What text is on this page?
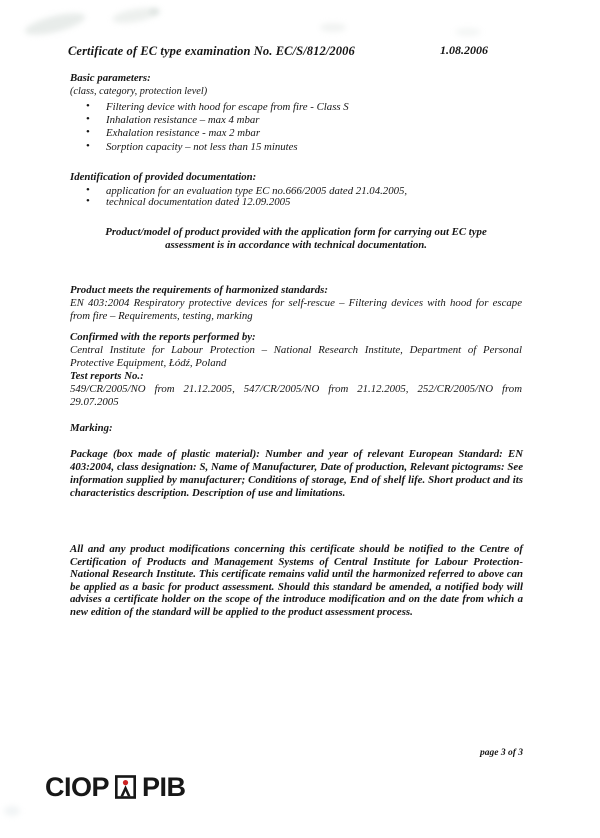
Certificate of EC type examination No. EC/S/812/2006	1.08.2006
Basic parameters:
(class, category, protection level)
• Filtering device with hood for escape from fire - Class S
• Inhalation resistance – max 4 mbar
• Exhalation resistance - max 2 mbar
• Sorption capacity – not less than 15 minutes
Identification of provided documentation:
• application for an evaluation type EC no.666/2005 dated 21.04.2005,
• technical documentation dated 12.09.2005
Product/model of product provided with the application form for carrying out EC type assessment is in accordance with technical documentation.
Product meets the requirements of harmonized standards:
EN 403:2004 Respiratory protective devices for self-rescue – Filtering devices with hood for escape from fire – Requirements, testing, marking
Confirmed with the reports performed by:
Central Institute for Labour Protection – National Research Institute, Department of Personal Protective Equipment, Łódź, Poland
Test reports No.:
549/CR/2005/NO from 21.12.2005, 547/CR/2005/NO from 21.12.2005, 252/CR/2005/NO from 29.07.2005
Marking:
Package (box made of plastic material): Number and year of relevant European Standard: EN 403:2004, class designation: S, Name of Manufacturer, Date of production, Relevant pictograms: See information supplied by manufacturer; Conditions of storage, End of shelf life. Short product and its characteristics description. Description of use and limitations.
All and any product modifications concerning this certificate should be notified to the Centre of Certification of Products and Management Systems of Central Institute for Labour Protection-National Research Institute. This certificate remains valid until the harmonized referred to above can be applied as a basic for product assessment. Should this standard be amended, a notified body will advises a certificate holder on the scope of the introduce modification and on the date from which a new edition of the standard will be applied to the product assessment process.
page 3 of 3
CIOP PIB
